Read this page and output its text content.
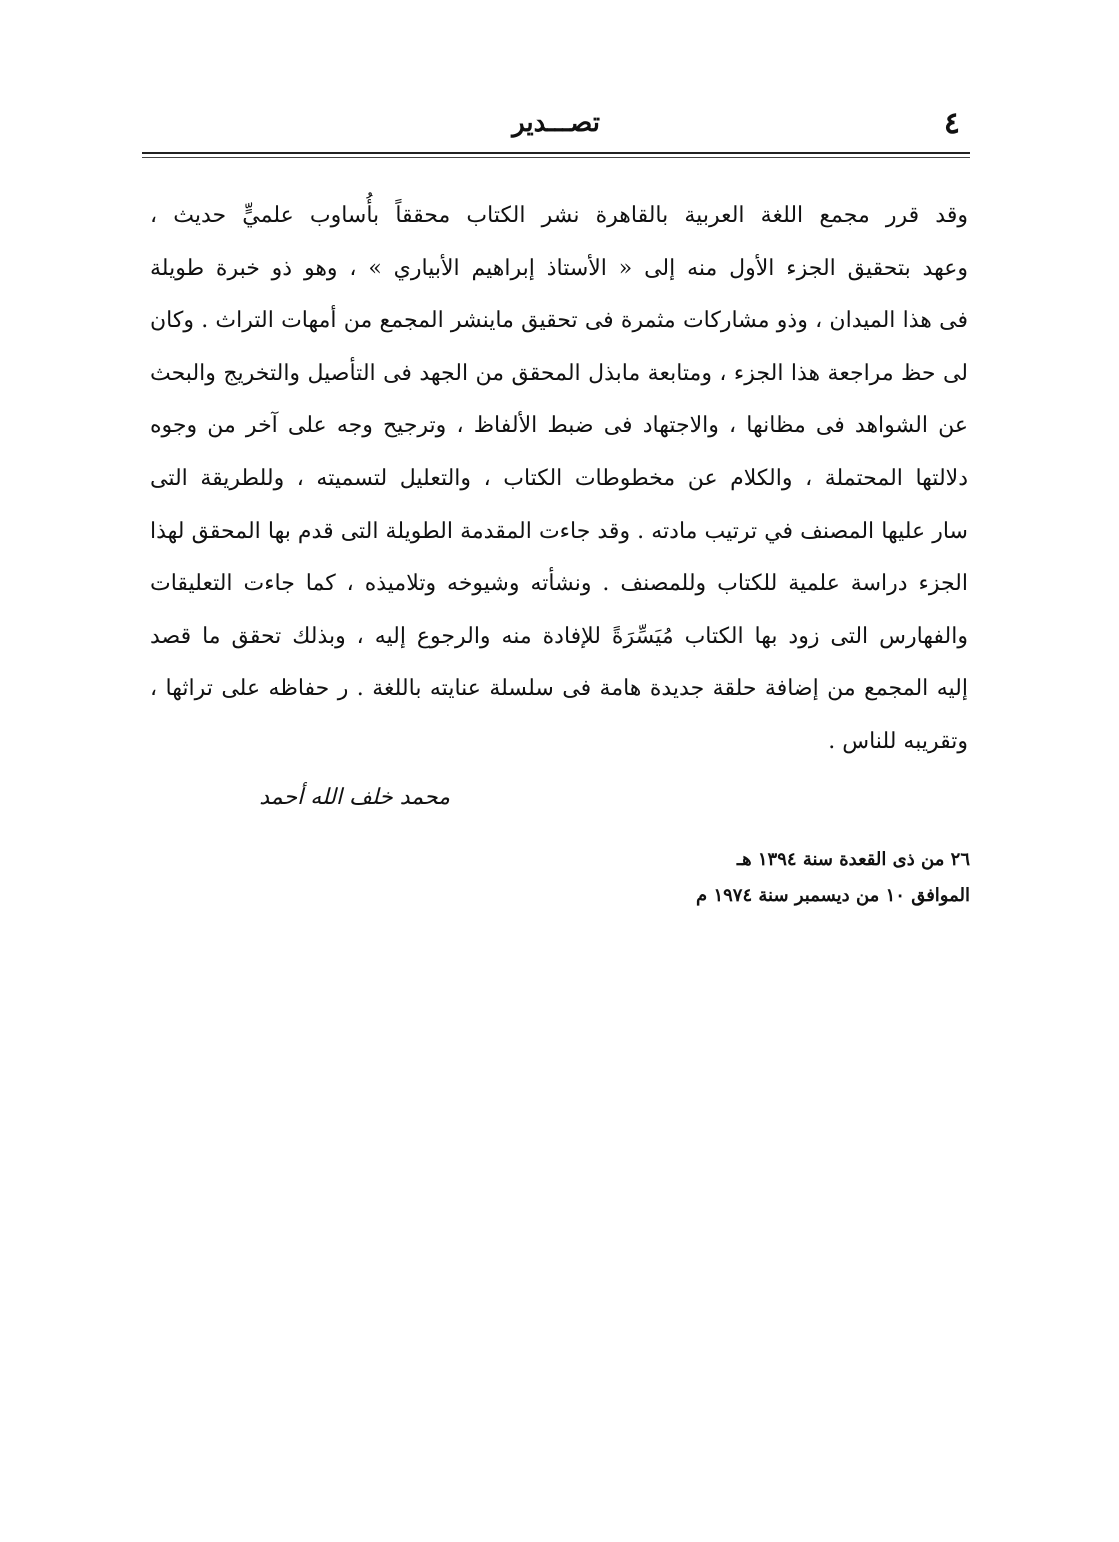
٤
تصـــدير
وقد قرر مجمع اللغة العربية بالقاهرة نشر الكتاب محققاً بأُساوب علميٍّ حديث ،
وعهد بتحقيق الجزء الأول منه إلى « الأستاذ إبراهيم الأبياري » ، وهو ذو خبرة طويلة
فى هذا الميدان ، وذو مشاركات مثمرة فى تحقيق ماينشر المجمع من أمهات التراث . وكان
لى حظ مراجعة هذا الجزء ، ومتابعة مابذل المحقق من الجهد فى التأصيل والتخريج والبحث
عن الشواهد فى مظانها ، والاجتهاد فى ضبط الألفاظ ، وترجيح وجه على آخر من وجوه
دلالتها المحتملة ، والكلام عن مخطوطات الكتاب ، والتعليل لتسميته ، وللطريقة التى
سار عليها المصنف في ترتيب مادته . وقد جاءت المقدمة الطويلة التى قدم بها المحقق لهذا
الجزء دراسة علمية للكتاب وللمصنف . ونشأته وشيوخه وتلاميذه ، كما جاءت التعليقات
والفهارس التى زود بها الكتاب مُيَسِّرَةً للإفادة منه والرجوع إليه ، وبذلك تحقق ما قصد
إليه المجمع من إضافة حلقة جديدة هامة فى سلسلة عنايته باللغة . ر حفاظه على تراثها ،
وتقريبه للناس .
محمد خلف الله أحمد
٢٦ من ذى القعدة سنة ١٣٩٤ هـ
الموافق ١٠ من ديسمبر سنة ١٩٧٤ م
